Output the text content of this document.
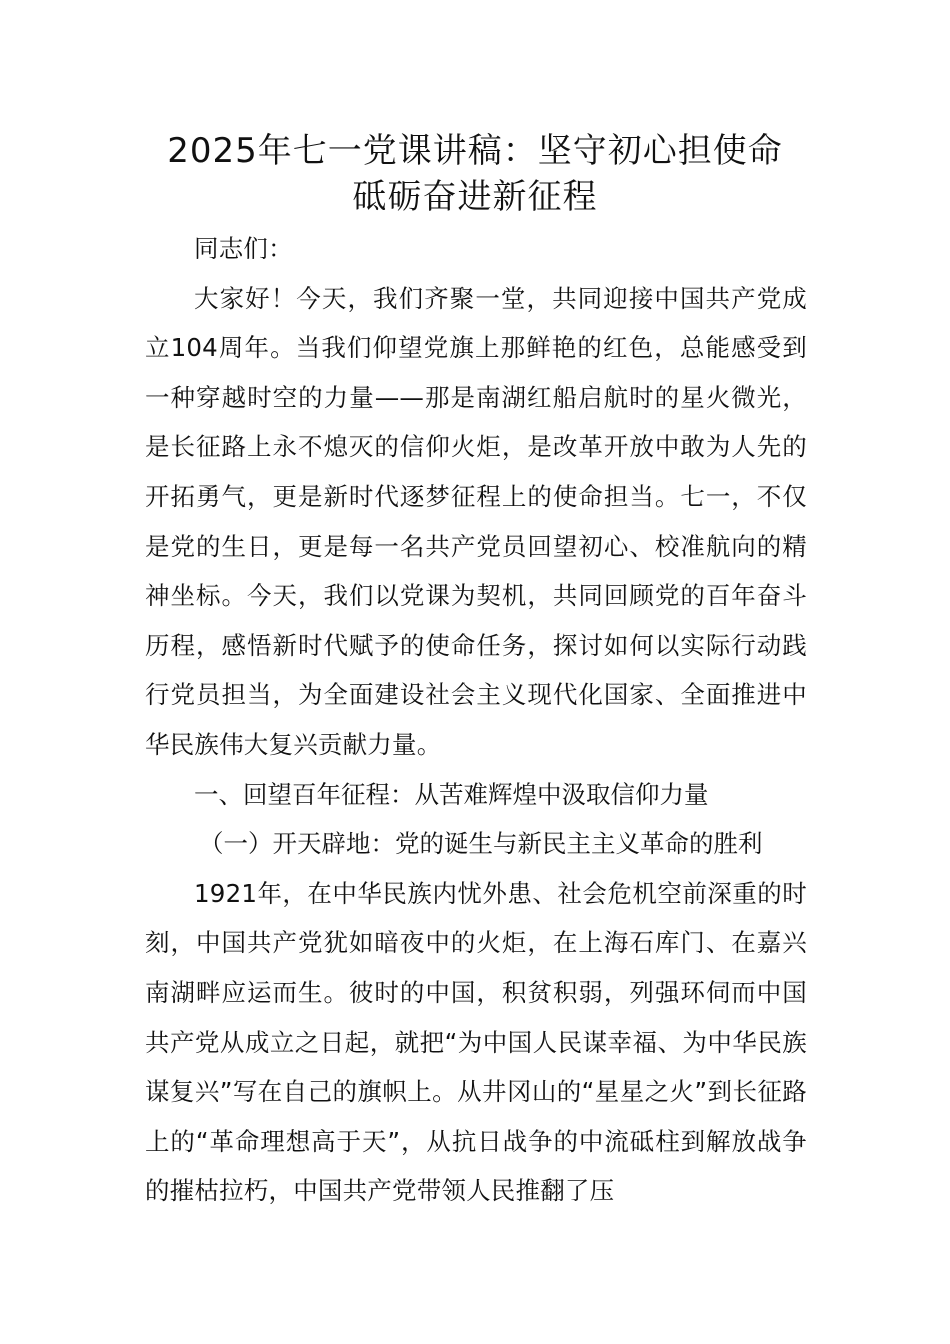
2025年七一党课讲稿：坚守初心担使命 砥砺奋进新征程

同志们：

大家好！今天，我们齐聚一堂，共同迎接中国共产党成立104周年。当我们仰望党旗上那鲜艳的红色，总能感受到一种穿越时空的力量——那是南湖红船启航时的星火微光，是长征路上永不熄灭的信仰火炬，是改革开放中敢为人先的开拓勇气，更是新时代逐梦征程上的使命担当。七一，不仅是党的生日，更是每一名共产党员回望初心、校准航向的精神坐标。今天，我们以党课为契机，共同回顾党的百年奋斗历程，感悟新时代赋予的使命任务，探讨如何以实际行动践行党员担当，为全面建设社会主义现代化国家、全面推进中华民族伟大复兴贡献力量。

一、回望百年征程：从苦难辉煌中汲取信仰力量

（一）开天辟地：党的诞生与新民主主义革命的胜利

1921年，在中华民族内忧外患、社会危机空前深重的时刻，中国共产党犹如暗夜中的火炬，在上海石库门、在嘉兴南湖畔应运而生。彼时的中国，积贫积弱，列强环伺而中国共产党从成立之日起，就把“为中国人民谋幸福、为中华民族谋复兴”写在自己的旗帜上。从井冈山的“星星之火”到长征路上的“革命理想高于天”，从抗日战争的中流砥柱到解放战争的摧枯拉朽，中国共产党带领人民推翻了压
